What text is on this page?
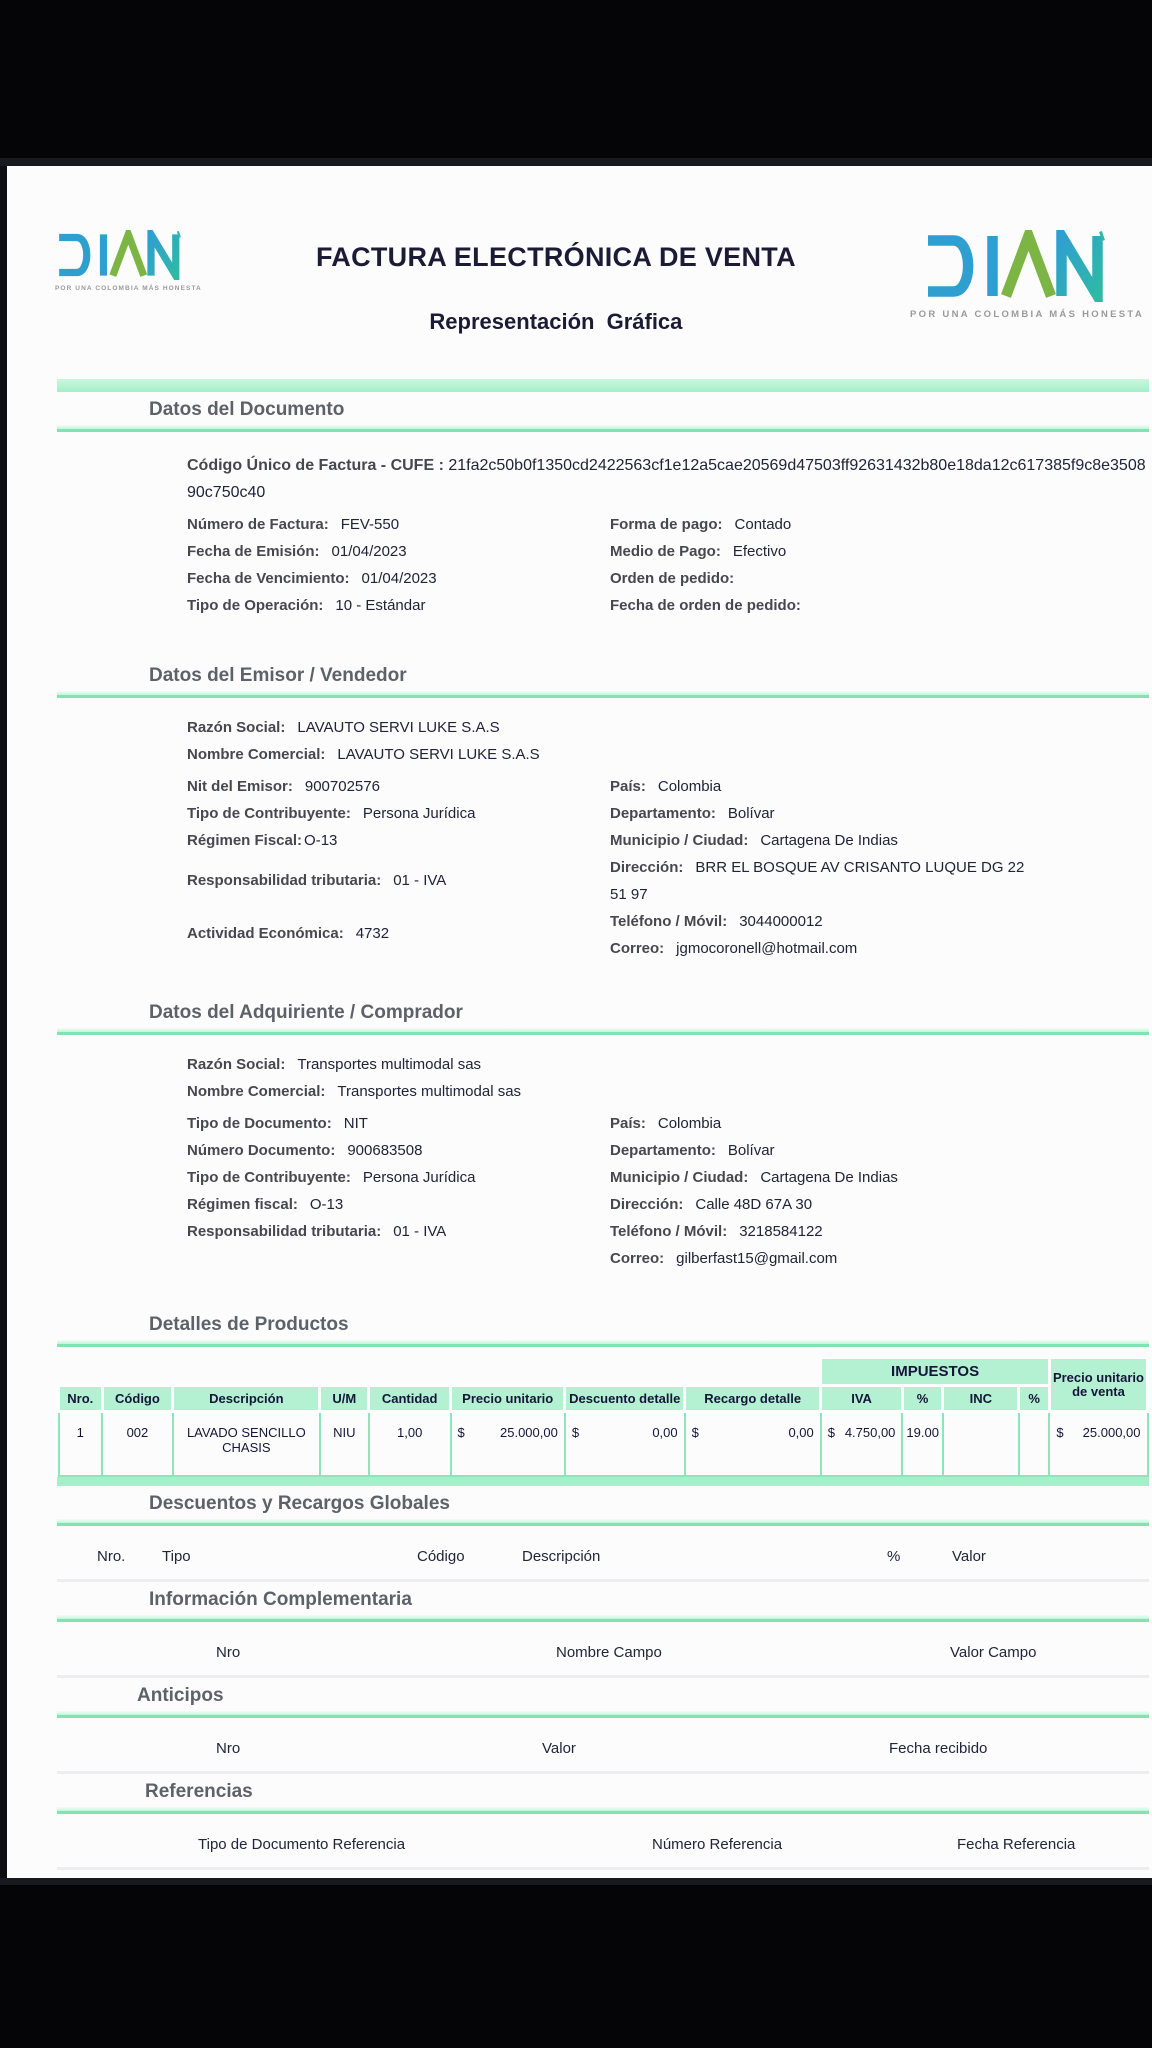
POR UNA COLOMBIA MÁS HONESTA
FACTURA ELECTRÓNICA DE VENTA
Representación Gráfica	POR UNA COLOMBIA MÁS HONESTA
Datos del Documento
Código Único de Factura - CUFE : 21fa2c50b0f1350cd2422563cf1e12a5cae20569d47503ff92631432b80e18da12c617385f9c8e350890c750c40
Número de Factura: FEV-550
Fecha de Emisión: 01/04/2023
Fecha de Vencimiento: 01/04/2023
Tipo de Operación: 10 - Estándar
Forma de pago: Contado
Medio de Pago: Efectivo
Orden de pedido:
Fecha de orden de pedido:
Datos del Emisor / Vendedor
Razón Social: LAVAUTO SERVI LUKE S.A.S
Nombre Comercial: LAVAUTO SERVI LUKE S.A.S
Nit del Emisor: 900702576
Tipo de Contribuyente: Persona Jurídica
Régimen Fiscal: O-13
Responsabilidad tributaria: 01 - IVA
Actividad Económica: 4732
País: Colombia
Departamento: Bolívar
Municipio / Ciudad: Cartagena De Indias
Dirección: BRR EL BOSQUE AV CRISANTO LUQUE DG 22 51 97
Teléfono / Móvil: 3044000012
Correo: jgmocoronell@hotmail.com
Datos del Adquiriente / Comprador
Razón Social: Transportes multimodal sas
Nombre Comercial: Transportes multimodal sas
Tipo de Documento: NIT
Número Documento: 900683508
Tipo de Contribuyente: Persona Jurídica
Régimen fiscal: O-13
Responsabilidad tributaria: 01 - IVA
País: Colombia
Departamento: Bolívar
Municipio / Ciudad: Cartagena De Indias
Dirección: Calle 48D 67A 30
Teléfono / Móvil: 3218584122
Correo: gilberfast15@gmail.com
Detalles de Productos
								IMPUESTOS				Precio unitario de venta
Nro.	Código	Descripción	U/M	Cantidad	Precio unitario	Descuento detalle	Recargo detalle	IVA	%	INC	%	
1	002	LAVADO SENCILLO CHASIS	NIU	1,00	$ 25.000,00	$ 0,00	$ 0,00	$ 4.750,00	19.00			$ 25.000,00
Descuentos y Recargos Globales
Nro. Tipo	Código	Descripción	%	Valor
Información Complementaria
Nro	Nombre Campo	Valor Campo
Anticipos
Nro	Valor	Fecha recibido
Referencias
Tipo de Documento Referencia	Número Referencia	Fecha Referencia
